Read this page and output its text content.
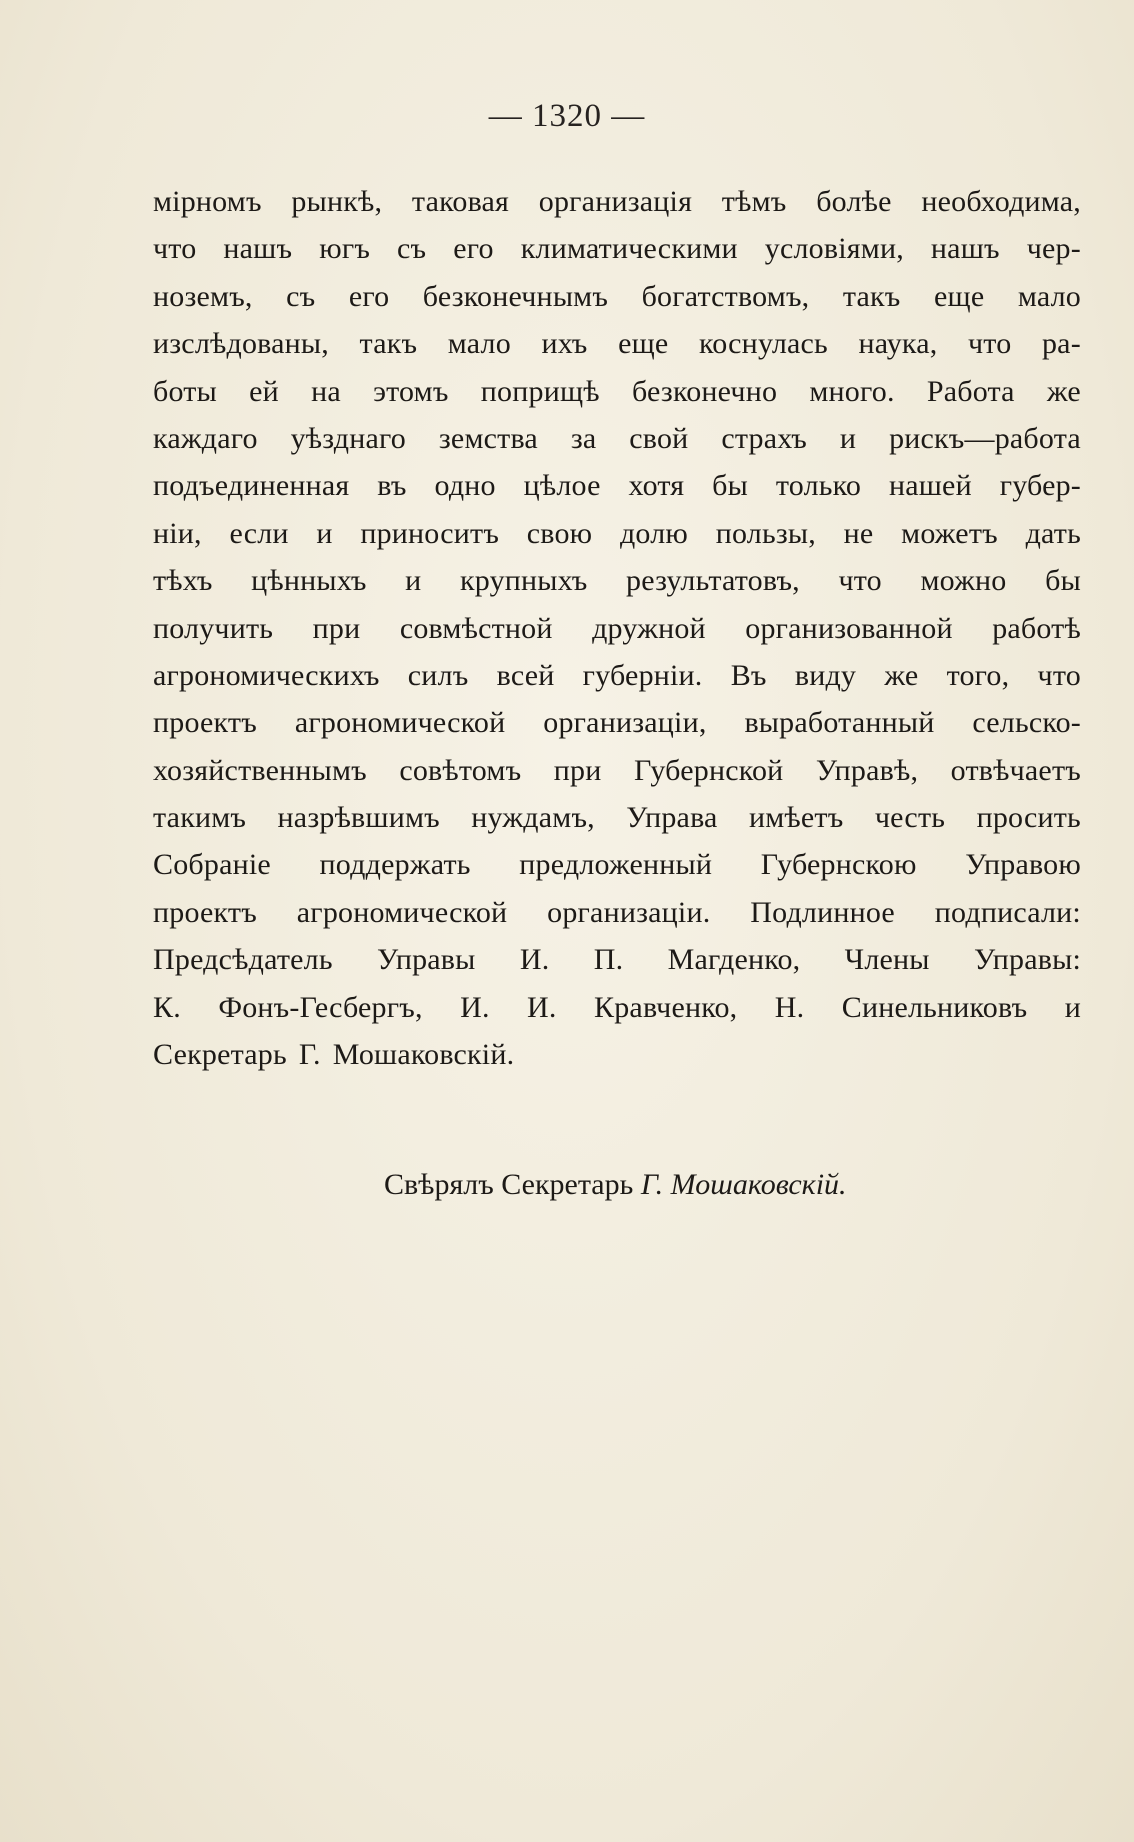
— 1320 —
мірномъ рынкѣ, таковая организація тѣмъ болѣе необходима,
что нашъ югъ съ его климатическими условіями, нашъ чер-
ноземъ, съ его безконечнымъ богатствомъ, такъ еще мало
изслѣдованы, такъ мало ихъ еще коснулась наука, что ра-
боты ей на этомъ поприщѣ безконечно много. Работа же
каждаго уѣзднаго земства за свой страхъ и рискъ—работа
подъединенная въ одно цѣлое хотя бы только нашей губер-
ніи, если и приноситъ свою долю пользы, не можетъ дать
тѣхъ цѣнныхъ и крупныхъ результатовъ, что можно бы
получить при совмѣстной дружной организованной работѣ
агрономическихъ силъ всей губерніи. Въ виду же того, что
проектъ агрономической организаціи, выработанный сельско-
хозяйственнымъ совѣтомъ при Губернской Управѣ, отвѣчаетъ
такимъ назрѣвшимъ нуждамъ, Управа имѣетъ честь просить
Собраніе поддержать предложенный Губернскою Управою
проектъ агрономической организаціи. Подлинное подписали:
Предсѣдатель Управы И. П. Магденко, Члены Управы:
К. Фонъ-Гесбергъ, И. И. Кравченко, Н. Синельниковъ и
Секретарь Г. Мошаковскій.
Свѣрялъ Секретарь Г. Мошаковскій.
